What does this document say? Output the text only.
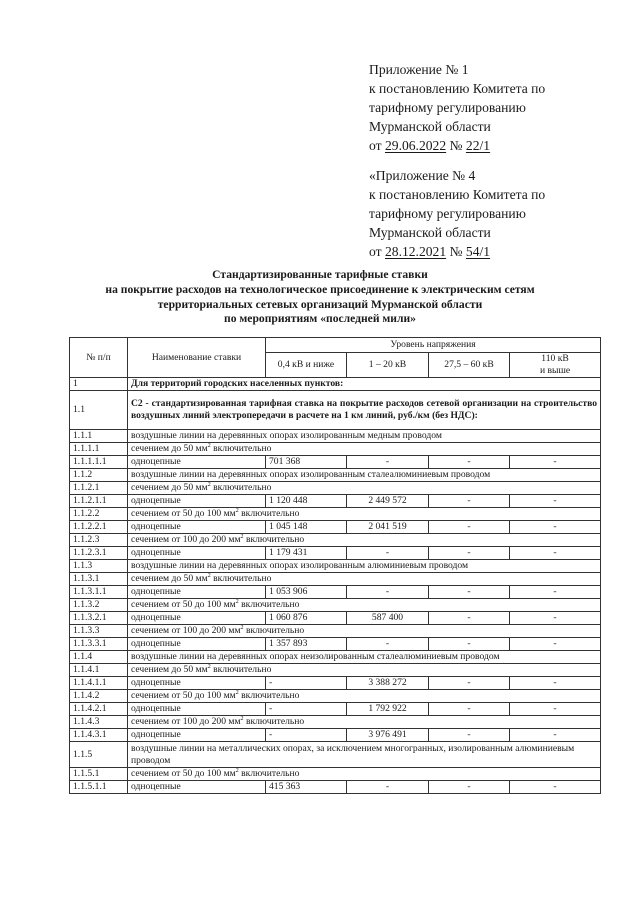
Приложение № 1
к постановлению Комитета по
тарифному регулированию
Мурманской области
от 29.06.2022 № 22/1
«Приложение № 4
к постановлению Комитета по
тарифному регулированию
Мурманской области
от 28.12.2021 № 54/1
Стандартизированные тарифные ставки
на покрытие расходов на технологическое присоединение к электрическим сетям
территориальных сетевых организаций Мурманской области
по мероприятиям «последней мили»
№ п/п	Наименование ставки	Уровень напряжения			
		0,4 кВ и ниже	1 – 20 кВ	27,5 – 60 кВ	110 кВ
и выше
1	Для территорий городских населенных пунктов:				
1.1	С2 - стандартизированная тарифная ставка на покрытие расходов сетевой организации на строительство воздушных линий электропередачи в расчете на 1 км линий, руб./км (без НДС):				
1.1.1	воздушные линии на деревянных опорах изолированным медным проводом				
1.1.1.1	сечением до 50 $мм^2$ включительно				
1.1.1.1.1	одноцепные	701 368	-	-	-
1.1.2	воздушные линии на деревянных опорах изолированным сталеалюминиевым проводом				
1.1.2.1	сечением до 50 $мм^2$ включительно				
1.1.2.1.1	одноцепные	1 120 448	2 449 572	-	-
1.1.2.2	сечением от 50 до 100 $мм^2$ включительно				
1.1.2.2.1	одноцепные	1 045 148	2 041 519	-	-
1.1.2.3	сечением от 100 до 200 $мм^2$ включительно				
1.1.2.3.1	одноцепные	1 179 431	-	-	-
1.1.3	воздушные линии на деревянных опорах изолированным алюминиевым проводом				
1.1.3.1	сечением до 50 $мм^2$ включительно				
1.1.3.1.1	одноцепные	1 053 906	-	-	-
1.1.3.2	сечением от 50 до 100 $мм^2$ включительно				
1.1.3.2.1	одноцепные	1 060 876	587 400	-	-
1.1.3.3	сечением от 100 до 200 $мм^2$ включительно				
1.1.3.3.1	одноцепные	1 357 893	-	-	-
1.1.4	воздушные линии на деревянных опорах неизолированным сталеалюминиевым проводом				
1.1.4.1	сечением до 50 $мм^2$ включительно				
1.1.4.1.1	одноцепные	-	3 388 272	-	-
1.1.4.2	сечением от 50 до 100 $мм^2$ включительно				
1.1.4.2.1	одноцепные	-	1 792 922	-	-
1.1.4.3	сечением от 100 до 200 $мм^2$ включительно				
1.1.4.3.1	одноцепные	-	3 976 491	-	-
1.1.5	воздушные линии на металлических опорах, за исключением многогранных, изолированным алюминиевым проводом				
1.1.5.1	сечением от 50 до 100 $мм^2$ включительно				
1.1.5.1.1	одноцепные	415 363	-	-	-
